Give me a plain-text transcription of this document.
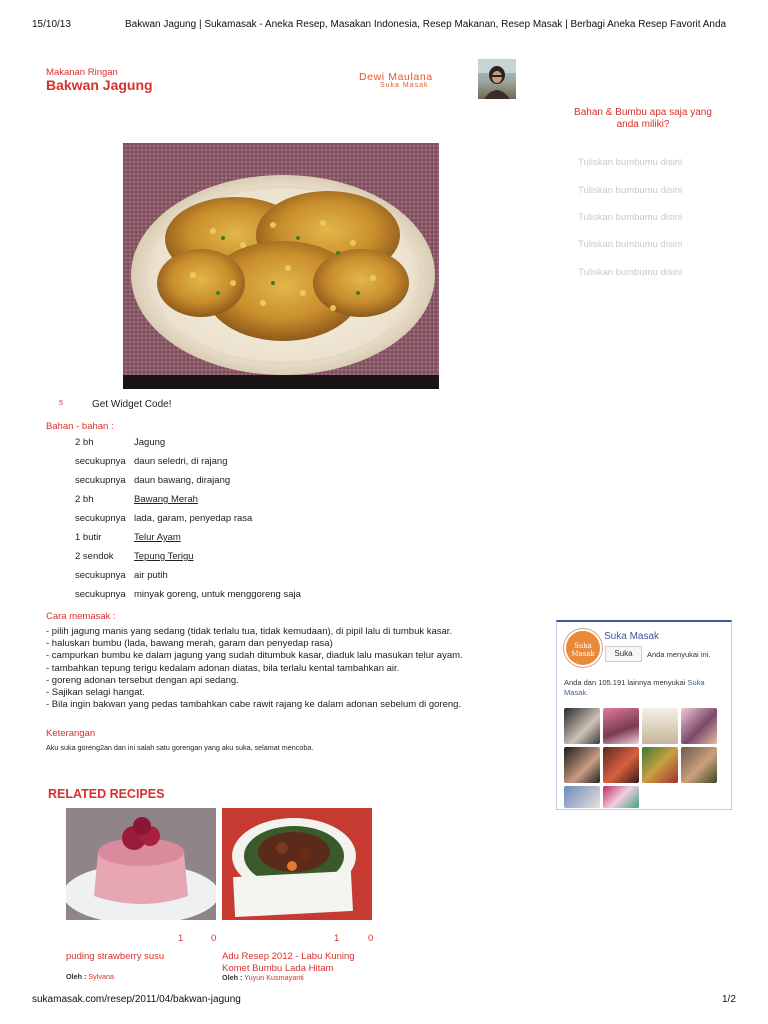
15/10/13	Bakwan Jagung | Sukamasak - Aneka Resep, Masakan Indonesia, Resep Makanan, Resep Masak | Berbagi Aneka Resep Favorit Anda
Makanan Ringan
Bakwan Jagung	Dewi Maulana
Suka Masak
Bahan & Bumbu apa saja yang
anda miliki?
Tuliskan bumbumu disini
Tuliskan bumbumu disini
Tuliskan bumbumu disini
Tuliskan bumbumu disini
Tuliskan bumbumu disini
5	Get Widget Code!
Bahan - bahan :
2 bh	Jagung
secukupnya daun seledri, di rajang
secukupnya daun bawang, dirajang
2 bh	Bawang Merah
secukupnya lada, garam, penyedap rasa
1 butir	Telur Ayam
2 sendok Tepung Terigu
secukupnya air putih
secukupnya minyak goreng, untuk menggoreng saja
Cara memasak :
- pilih jagung manis yang sedang (tidak terlalu tua, tidak kemudaan), di pipil lalu di tumbuk kasar.
- haluskan bumbu (lada, bawang merah, garam dan penyedap rasa)
- campurkan bumbu ke dalam jagung yang sudah ditumbuk kasar, diaduk lalu masukan telur ayam.
- tambahkan tepung terigu kedalam adonan diatas, bila terlalu kental tambahkan air.
- goreng adonan tersebut dengan api sedang.
- Sajikan selagi hangat.
- Bila ingin bakwan yang pedas tambahkan cabe rawit rajang ke dalam adonan sebelum di goreng.
Keterangan
Aku suka goreng2an dan ini salah satu gorengan yang aku suka, selamat mencoba.
Suka Masak
Suka Masak
Suka	Anda menyukai ini.
Anda dan 105.191 lainnya menyukai Suka Masak.
RELATED RECIPES
1	0
puding strawberry susu
Oleh : Sylvana
1	0
Adu Resep 2012 - Labu Kuning
Komet Bumbu Lada Hitam
Oleh : Yuyun Kusmayanti
sukamasak.com/resep/2011/04/bakwan-jagung	1/2
